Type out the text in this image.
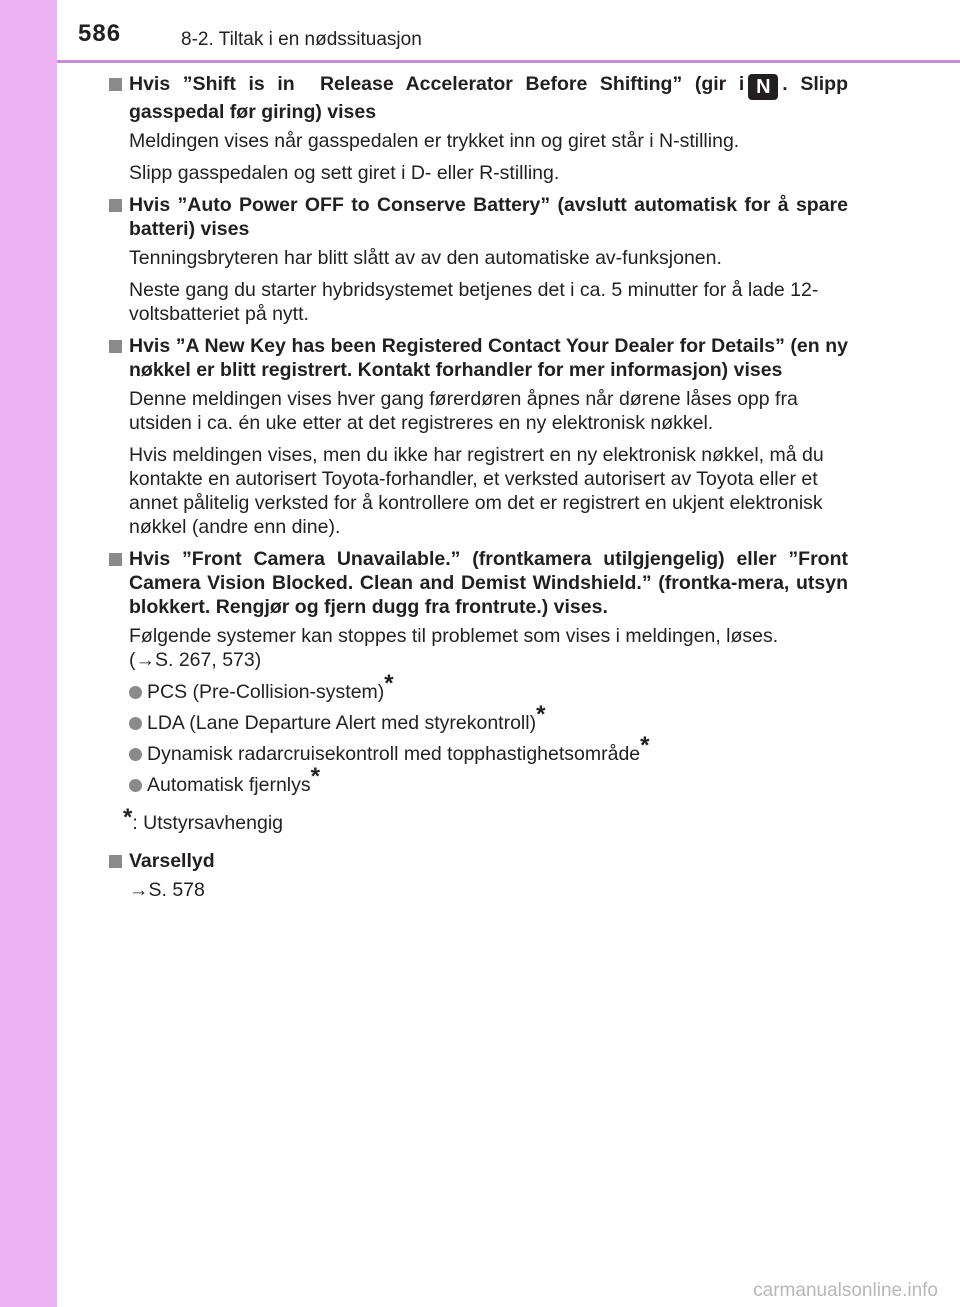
586	8-2. Tiltak i en nødssituasjon
Hvis ”Shift is in Release Accelerator Before Shifting” (gir i N . Slipp gasspedal før giring) vises
Meldingen vises når gasspedalen er trykket inn og giret står i N-stilling.
Slipp gasspedalen og sett giret i D- eller R-stilling.
Hvis ”Auto Power OFF to Conserve Battery” (avslutt automatisk for å spare batteri) vises
Tenningsbryteren har blitt slått av av den automatiske av-funksjonen.
Neste gang du starter hybridsystemet betjenes det i ca. 5 minutter for å lade 12-voltsbatteriet på nytt.
Hvis ”A New Key has been Registered Contact Your Dealer for Details” (en ny nøkkel er blitt registrert. Kontakt forhandler for mer informasjon) vises
Denne meldingen vises hver gang førerdøren åpnes når dørene låses opp fra utsiden i ca. én uke etter at det registreres en ny elektronisk nøkkel.
Hvis meldingen vises, men du ikke har registrert en ny elektronisk nøkkel, må du kontakte en autorisert Toyota-forhandler, et verksted autorisert av Toyota eller et annet pålitelig verksted for å kontrollere om det er registrert en ukjent elektronisk nøkkel (andre enn dine).
Hvis ”Front Camera Unavailable.” (frontkamera utilgjengelig) eller ”Front Camera Vision Blocked. Clean and Demist Windshield.” (frontka-mera, utsyn blokkert. Rengjør og fjern dugg fra frontrute.) vises.
Følgende systemer kan stoppes til problemet som vises i meldingen, løses.
(→S. 267, 573)
PCS (Pre-Collision-system)*
LDA (Lane Departure Alert med styrekontroll)*
Dynamisk radarcruisekontroll med topphastighetsområde*
Automatisk fjernlys*
*: Utstyrsavhengig
Varsellyd
→S. 578
carmanualsonline.info
